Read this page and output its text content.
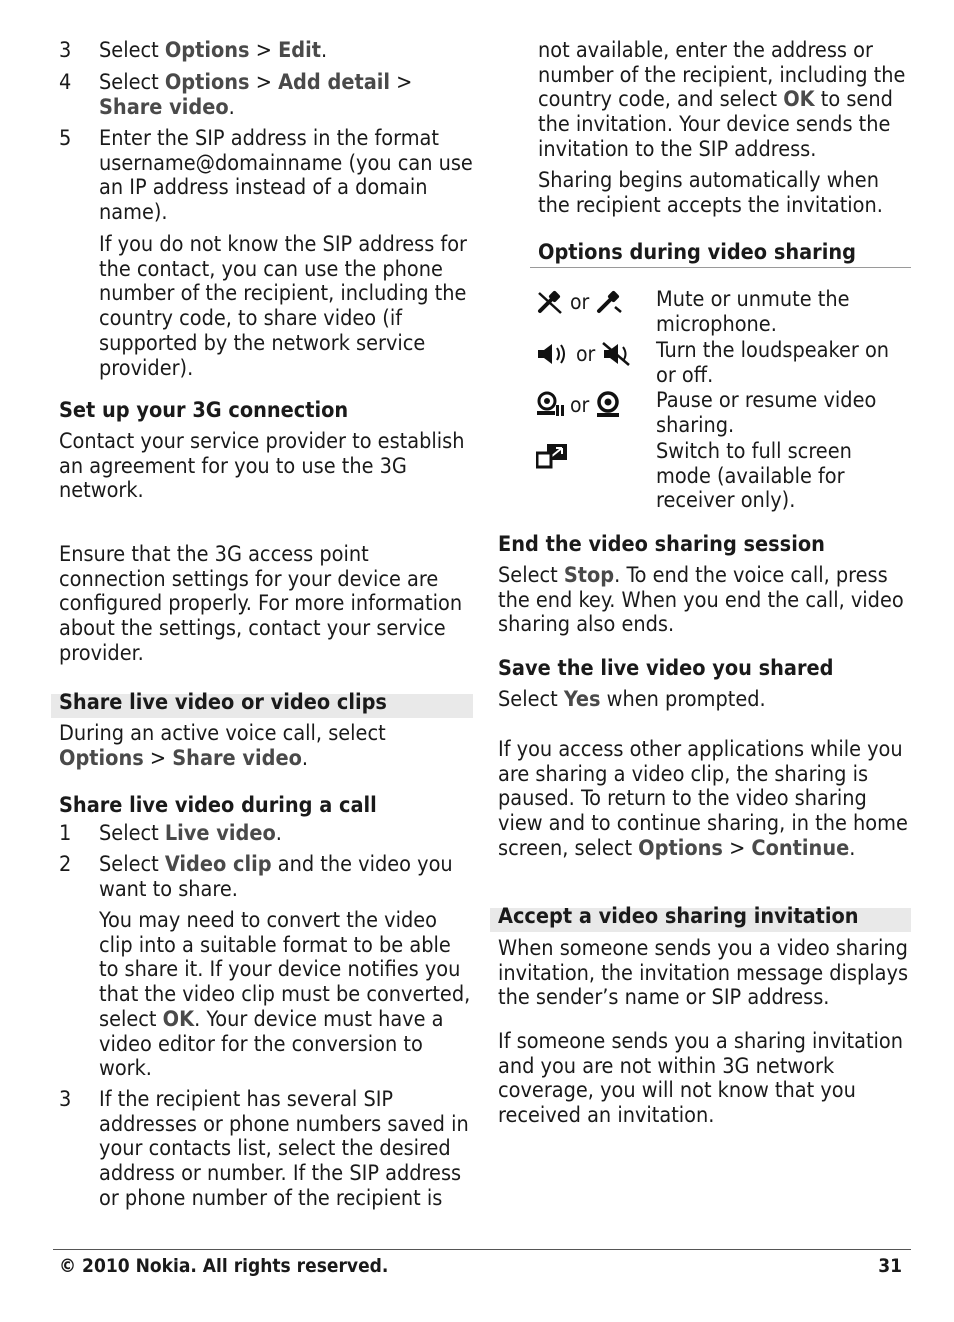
3 Select Options > Edit.

4 Select Options > Add detail > Share video.

5 Enter the SIP address in the format username@domainname (you can use an IP address instead of a domain name).

If you do not know the SIP address for the contact, you can use the phone number of the recipient, including the country code, to share video (if supported by the network service provider).

Set up your 3G connection

Contact your service provider to establish an agreement for you to use the 3G network.

Ensure that the 3G access point connection settings for your device are configured properly. For more information about the settings, contact your service provider.

Share live video or video clips

During an active voice call, select Options > Share video.

Share live video during a call

1 Select Live video.

2 Select Video clip and the video you want to share.

You may need to convert the video clip into a suitable format to be able to share it. If your device notifies you that the video clip must be converted, select OK. Your device must have a video editor for the conversion to work.

3 If the recipient has several SIP addresses or phone numbers saved in your contacts list, select the desired address or number. If the SIP address or phone number of the recipient is

not available, enter the address or number of the recipient, including the country code, and select OK to send the invitation. Your device sends the invitation to the SIP address.

Sharing begins automatically when the recipient accepts the invitation.

Options during video sharing

or	Mute or unmute the microphone.

or	Turn the loudspeaker on or off.

or	Pause or resume video sharing.

Switch to full screen mode (available for receiver only).

End the video sharing session

Select Stop. To end the voice call, press the end key. When you end the call, video sharing also ends.

Save the live video you shared

Select Yes when prompted.

If you access other applications while you are sharing a video clip, the sharing is paused. To return to the video sharing view and to continue sharing, in the home screen, select Options > Continue.

Accept a video sharing invitation

When someone sends you a video sharing invitation, the invitation message displays the sender’s name or SIP address.

If someone sends you a sharing invitation and you are not within 3G network coverage, you will not know that you received an invitation.

© 2010 Nokia. All rights reserved.	31
